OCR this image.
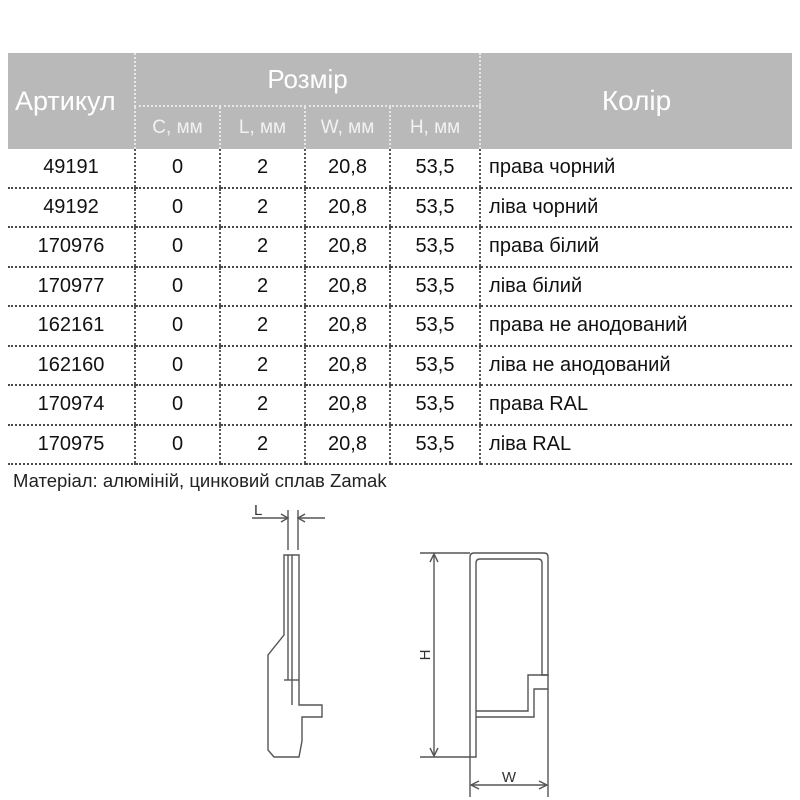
Артикул	Розмір				Колір
	C, мм	L, мм	W, мм	H, мм	
49191	0	2	20,8	53,5	права чорний
49192	0	2	20,8	53,5	ліва чорний
170976	0	2	20,8	53,5	права білий
170977	0	2	20,8	53,5	ліва білий
162161	0	2	20,8	53,5	права не анодований
162160	0	2	20,8	53,5	ліва не анодований
170974	0	2	20,8	53,5	права RAL
170975	0	2	20,8	53,5	ліва RAL
Матеріал: алюміній, цинковий сплав Zamak
L
H
W
